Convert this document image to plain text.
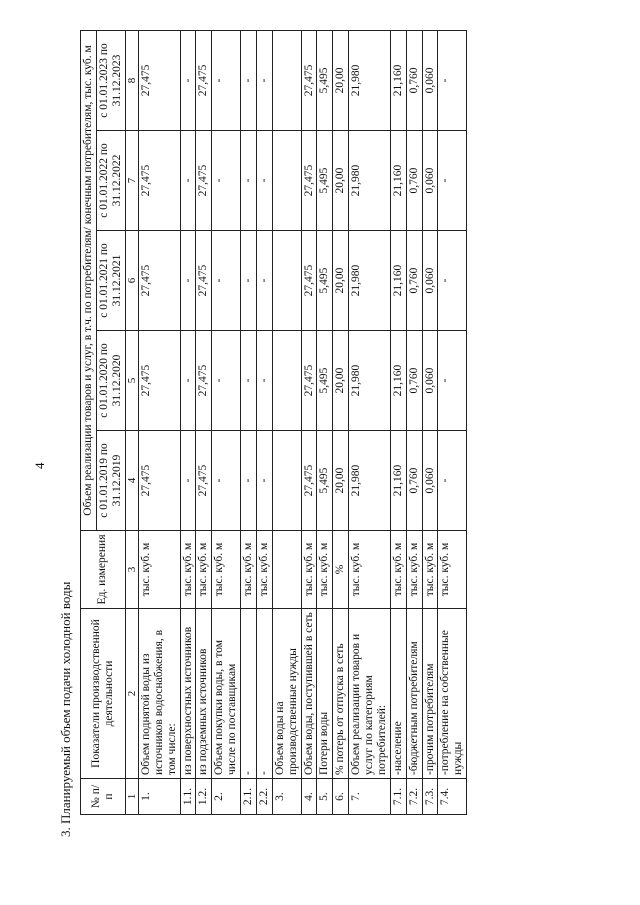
4
3. Планируемый объем подачи холодной воды № п/п	Показатели производственной деятельности	Ед. измерения	Объем реализации товаров и услуг, в т.ч. по потребителям/ конечным потребителям, тыс. куб. м				
			с 01.01.2019 по 31.12.2019	с 01.01.2020 по 31.12.2020	с 01.01.2021 по 31.12.2021	с 01.01.2022 по 31.12.2022	с 01.01.2023 по 31.12.2023
1	2	3	4	5	6	7	8
1.	Объем поднятой воды из источников водоснабжения, в том числе:	тыс. куб. м	27,475	27,475	27,475	27,475	27,475
1.1.	из поверхностных источников	тыс. куб. м	-	-	-	-	-
1.2.	из подземных источников	тыс. куб. м	27,475	27,475	27,475	27,475	27,475
2.	Объем покупки воды, в том числе по поставщикам	тыс. куб. м	-	-	-	-	-
2.1.	-	тыс. куб. м	-	-	-	-	-
2.2.	-	тыс. куб. м	-	-	-	-	-
3.	Объем воды на производственные нужды						
4.	Объем воды, поступившей в сеть	тыс. куб. м	27,475	27,475	27,475	27,475	27,475
5.	Потери воды	тыс. куб. м	5,495	5,495	5,495	5,495	5,495
6.	% потерь от отпуска в сеть	%	20,00	20,00	20,00	20,00	20,00
7.	Объем реализации товаров и услуг по категориям потребителей:	тыс. куб. м	21,980	21,980	21,980	21,980	21,980
7.1.	-население	тыс. куб. м	21,160	21,160	21,160	21,160	21,160
7.2.	-бюджетным потребителям	тыс. куб. м	0,760	0,760	0,760	0,760	0,760
7.3.	-прочим потребителям	тыс. куб. м	0,060	0,060	0,060	0,060	0,060
7.4.	-потребление на собственные нужды	тыс. куб. м	-	-	-	-	-
